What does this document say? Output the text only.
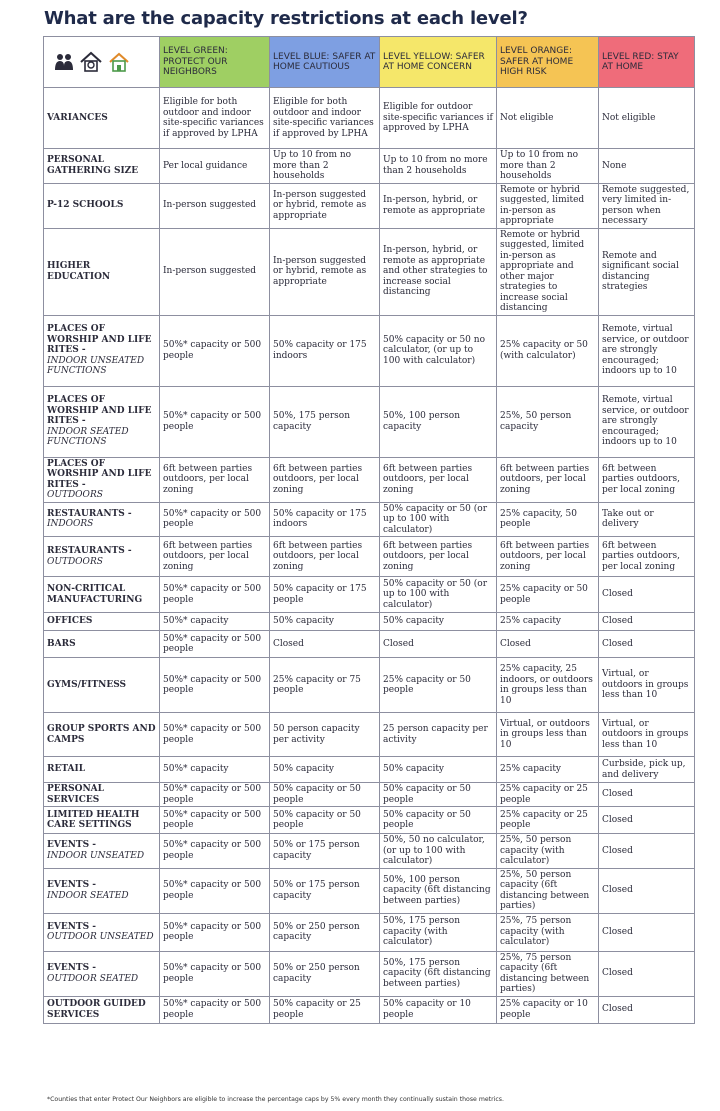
What are the capacity restrictions at each level?
	LEVEL GREEN: PROTECT OUR NEIGHBORS	LEVEL BLUE: SAFER AT HOME CAUTIOUS	LEVEL YELLOW: SAFER AT HOME CONCERN	LEVEL ORANGE: SAFER AT HOME HIGH RISK	LEVEL RED: STAY AT HOME

VARIANCES	Eligible for both outdoor and indoor site-specific variances if approved by LPHA	Eligible for both outdoor and indoor site-specific variances if approved by LPHA	Eligible for outdoor site-specific variances if approved by LPHA	Not eligible	Not eligible

PERSONAL GATHERING SIZE	Per local guidance	Up to 10 from no more than 2 households	Up to 10 from no more than 2 households	Up to 10 from no more than 2 households	None

P-12 SCHOOLS	In-person suggested	In-person suggested or hybrid, remote as appropriate	In-person, hybrid, or remote as appropriate	Remote or hybrid suggested, limited in-person as appropriate	Remote suggested, very limited in-person when necessary

HIGHER EDUCATION	In-person suggested	In-person suggested or hybrid, remote as appropriate	In-person, hybrid, or remote as appropriate and other strategies to increase social distancing	Remote or hybrid suggested, limited in-person as appropriate and other major strategies to increase social distancing	Remote and significant social distancing strategies

PLACES OF WORSHIP AND LIFE RITES -
INDOOR UNSEATED FUNCTIONS	50%* capacity or 500 people	50% capacity or 175 indoors	50% capacity or 50 no calculator, (or up to 100 with calculator)	25% capacity or 50 (with calculator)	Remote, virtual service, or outdoor are strongly encouraged; indoors up to 10

PLACES OF WORSHIP AND LIFE RITES -
INDOOR SEATED FUNCTIONS	50%* capacity or 500 people	50%, 175 person capacity	50%, 100 person capacity	25%, 50 person capacity	Remote, virtual service, or outdoor are strongly encouraged; indoors up to 10

PLACES OF WORSHIP AND LIFE RITES -
OUTDOORS	6ft between parties outdoors, per local zoning	6ft between parties outdoors, per local zoning	6ft between parties outdoors, per local zoning	6ft between parties outdoors, per local zoning	6ft between parties outdoors, per local zoning

RESTAURANTS -
INDOORS	50%* capacity or 500 people	50% capacity or 175 indoors	50% capacity or 50 (or up to 100 with calculator)	25% capacity, 50 people	Take out or delivery

RESTAURANTS -
OUTDOORS	6ft between parties outdoors, per local zoning	6ft between parties outdoors, per local zoning	6ft between parties outdoors, per local zoning	6ft between parties outdoors, per local zoning	6ft between parties outdoors, per local zoning

NON-CRITICAL MANUFACTURING	50%* capacity or 500 people	50% capacity or 175 people	50% capacity or 50 (or up to 100 with calculator)	25% capacity or 50 people	Closed

OFFICES	50%* capacity	50% capacity	50% capacity	25% capacity	Closed

BARS	50%* capacity or 500 people	Closed	Closed	Closed	Closed

GYMS/FITNESS	50%* capacity or 500 people	25% capacity or 75 people	25% capacity or 50 people	25% capacity, 25 indoors, or outdoors in groups less than 10	Virtual, or outdoors in groups less than 10

GROUP SPORTS AND CAMPS	50%* capacity or 500 people	50 person capacity per activity	25 person capacity per activity	Virtual, or outdoors in groups less than 10	Virtual, or outdoors in groups less than 10

RETAIL	50%* capacity	50% capacity	50% capacity	25% capacity	Curbside, pick up, and delivery

PERSONAL SERVICES	50%* capacity or 500 people	50% capacity or 50 people	50% capacity or 50 people	25% capacity or 25 people	Closed

LIMITED HEALTH CARE SETTINGS	50%* capacity or 500 people	50% capacity or 50 people	50% capacity or 50 people	25% capacity or 25 people	Closed

EVENTS -
INDOOR UNSEATED	50%* capacity or 500 people	50% or 175 person capacity	50%, 50 no calculator, (or up to 100 with calculator)	25%, 50 person capacity (with calculator)	Closed

EVENTS -
INDOOR SEATED	50%* capacity or 500 people	50% or 175 person capacity	50%, 100 person capacity (6ft distancing between parties)	25%, 50 person capacity (6ft distancing between parties)	Closed

EVENTS -
OUTDOOR UNSEATED	50%* capacity or 500 people	50% or 250 person capacity	50%, 175 person capacity (with calculator)	25%, 75 person capacity (with calculator)	Closed

EVENTS -
OUTDOOR SEATED	50%* capacity or 500 people	50% or 250 person capacity	50%, 175 person capacity (6ft distancing between parties)	25%, 75 person capacity (6ft distancing between parties)	Closed

OUTDOOR GUIDED SERVICES	50%* capacity or 500 people	50% capacity or 25 people	50% capacity or 10 people	25% capacity or 10 people	Closed
*Counties that enter Protect Our Neighbors are eligible to increase the percentage caps by 5% every month they continually sustain those metrics.
